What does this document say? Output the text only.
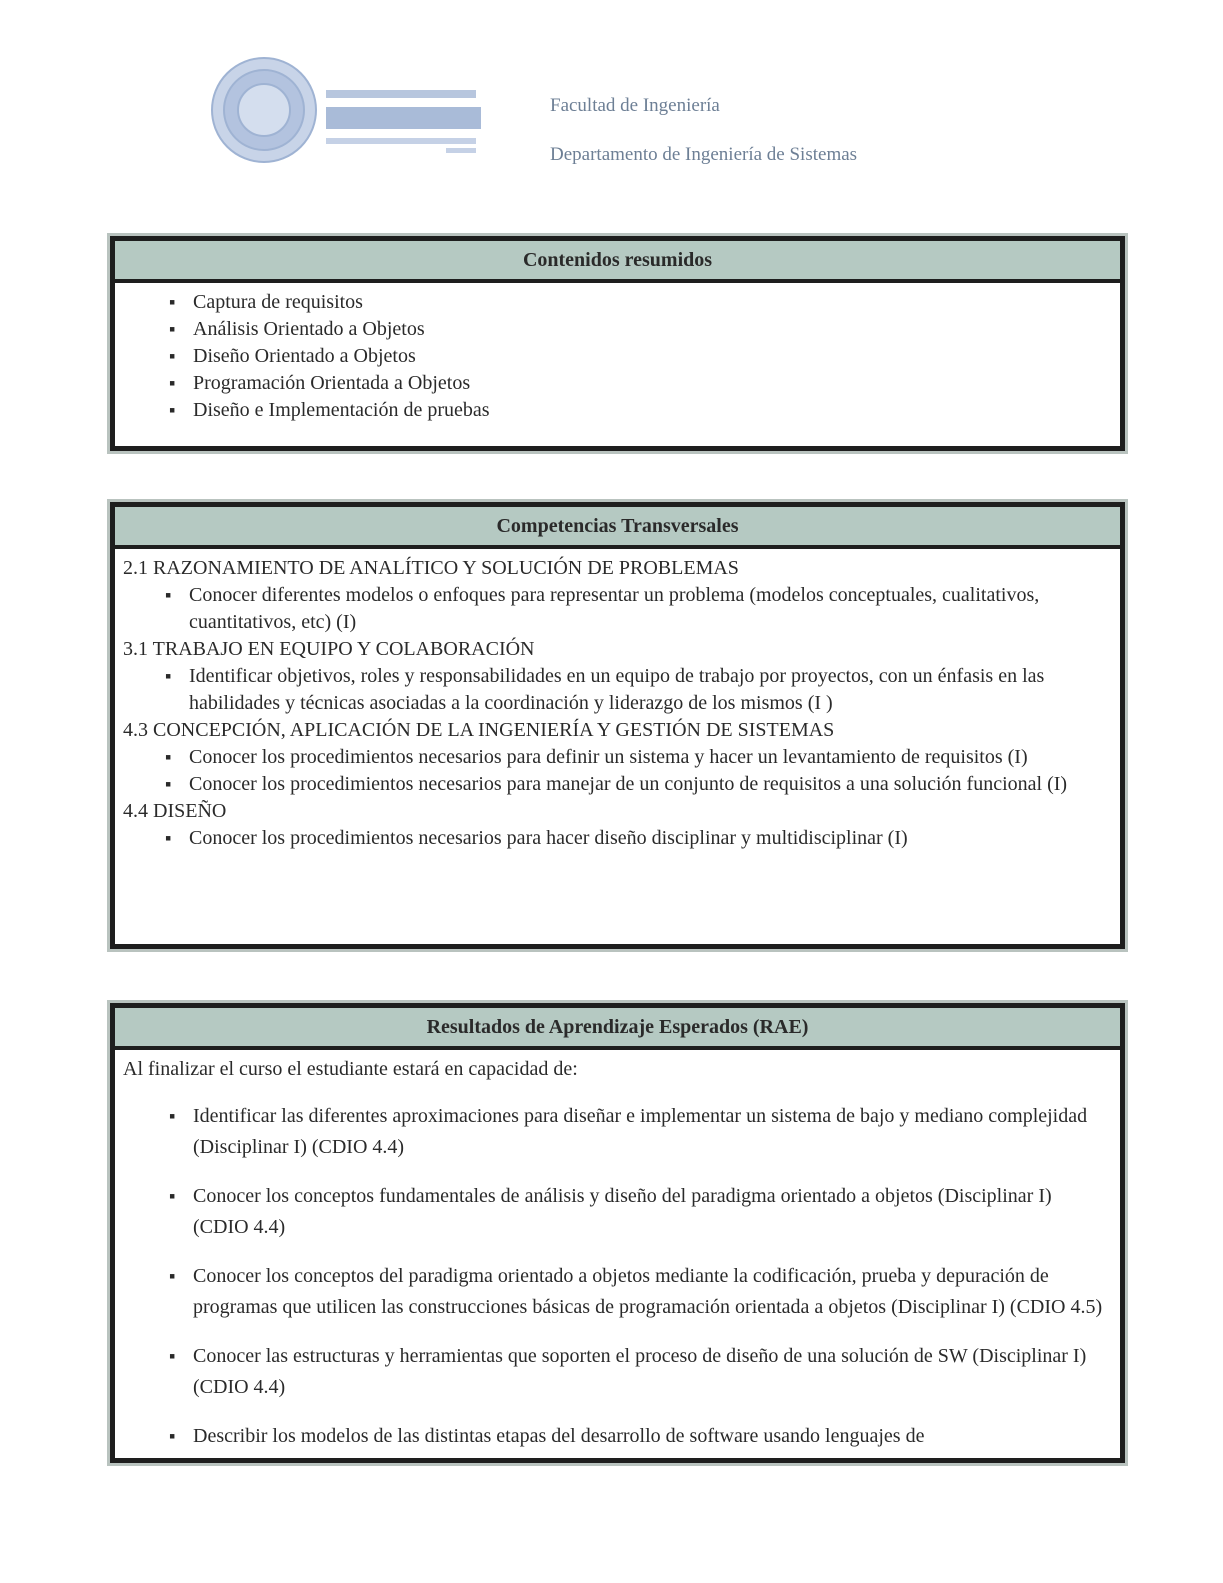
Facultad de Ingeniería
Departamento de Ingeniería de Sistemas
Contenidos resumidos
▪ Captura de requisitos
▪ Análisis Orientado a Objetos
▪ Diseño Orientado a Objetos
▪ Programación Orientada a Objetos
▪ Diseño e Implementación de pruebas
Competencias Transversales
2.1 RAZONAMIENTO DE ANALÍTICO Y SOLUCIÓN DE PROBLEMAS
▪ Conocer diferentes modelos o enfoques para representar un problema (modelos conceptuales, cualitativos, cuantitativos, etc) (I)
3.1 TRABAJO EN EQUIPO Y COLABORACIÓN
▪ Identificar objetivos, roles y responsabilidades en un equipo de trabajo por proyectos, con un énfasis en las habilidades y técnicas asociadas a la coordinación y liderazgo de los mismos (I )
4.3 CONCEPCIÓN, APLICACIÓN DE LA INGENIERÍA Y GESTIÓN DE SISTEMAS
▪ Conocer los procedimientos necesarios para definir un sistema y hacer un levantamiento de requisitos (I)
▪ Conocer los procedimientos necesarios para manejar de un conjunto de requisitos a una solución funcional (I)
4.4 DISEÑO
▪ Conocer los procedimientos necesarios para hacer diseño disciplinar y multidisciplinar (I)
Resultados de Aprendizaje Esperados (RAE)
Al finalizar el curso el estudiante estará en capacidad de:
▪ Identificar las diferentes aproximaciones para diseñar e implementar un sistema de bajo y mediano complejidad (Disciplinar I) (CDIO 4.4)
▪ Conocer los conceptos fundamentales de análisis y diseño del paradigma orientado a objetos (Disciplinar I) (CDIO 4.4)
▪ Conocer los conceptos del paradigma orientado a objetos mediante la codificación, prueba y depuración de programas que utilicen las construcciones básicas de programación orientada a objetos (Disciplinar I) (CDIO 4.5)
▪ Conocer las estructuras y herramientas que soporten el proceso de diseño de una solución de SW (Disciplinar I) (CDIO 4.4)
▪ Describir los modelos de las distintas etapas del desarrollo de software usando lenguajes de
